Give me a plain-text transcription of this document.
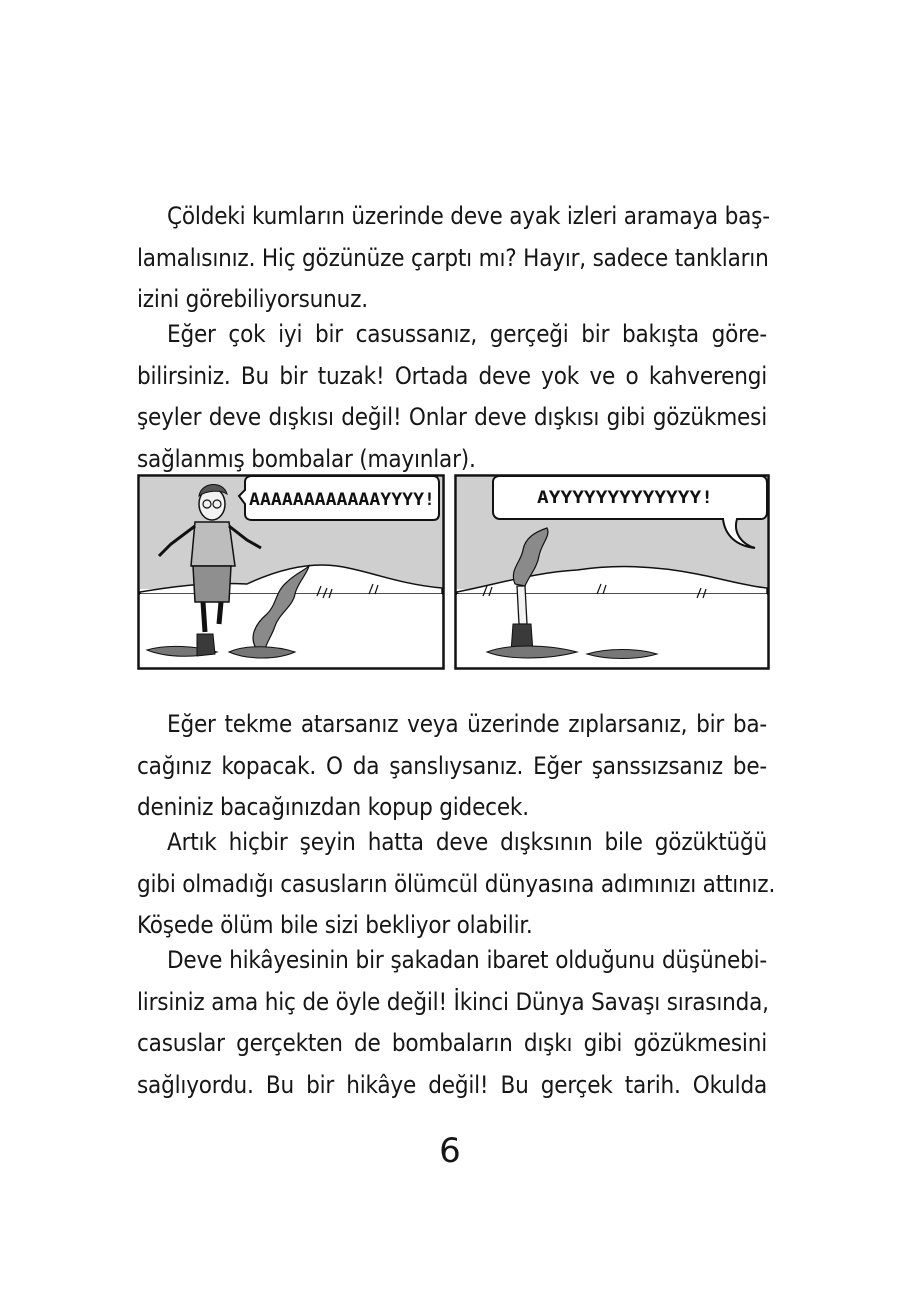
Çöldeki kumların üzerinde deve ayak izleri aramaya baş-
lamalısınız. Hiç gözünüze çarptı mı? Hayır, sadece tankların
izini görebiliyorsunuz.
Eğer çok iyi bir casussanız, gerçeği bir bakışta göre-
bilirsiniz. Bu bir tuzak! Ortada deve yok ve o kahverengi
şeyler deve dışkısı değil! Onlar deve dışkısı gibi gözükmesi
sağlanmış bombalar (mayınlar).
AAAAAAAAAAAAYYYY!	AYYYYYYYYYYYYY!
Eğer tekme atarsanız veya üzerinde zıplarsanız, bir ba-
cağınız kopacak. O da şanslıysanız. Eğer şanssızsanız be-
deniniz bacağınızdan kopup gidecek.
Artık hiçbir şeyin hatta deve dışksının bile gözüktüğü
gibi olmadığı casusların ölümcül dünyasına adımınızı attınız.
Köşede ölüm bile sizi bekliyor olabilir.
Deve hikâyesinin bir şakadan ibaret olduğunu düşünebi-
lirsiniz ama hiç de öyle değil! İkinci Dünya Savaşı sırasında,
casuslar gerçekten de bombaların dışkı gibi gözükmesini
sağlıyordu. Bu bir hikâye değil! Bu gerçek tarih. Okulda
6
